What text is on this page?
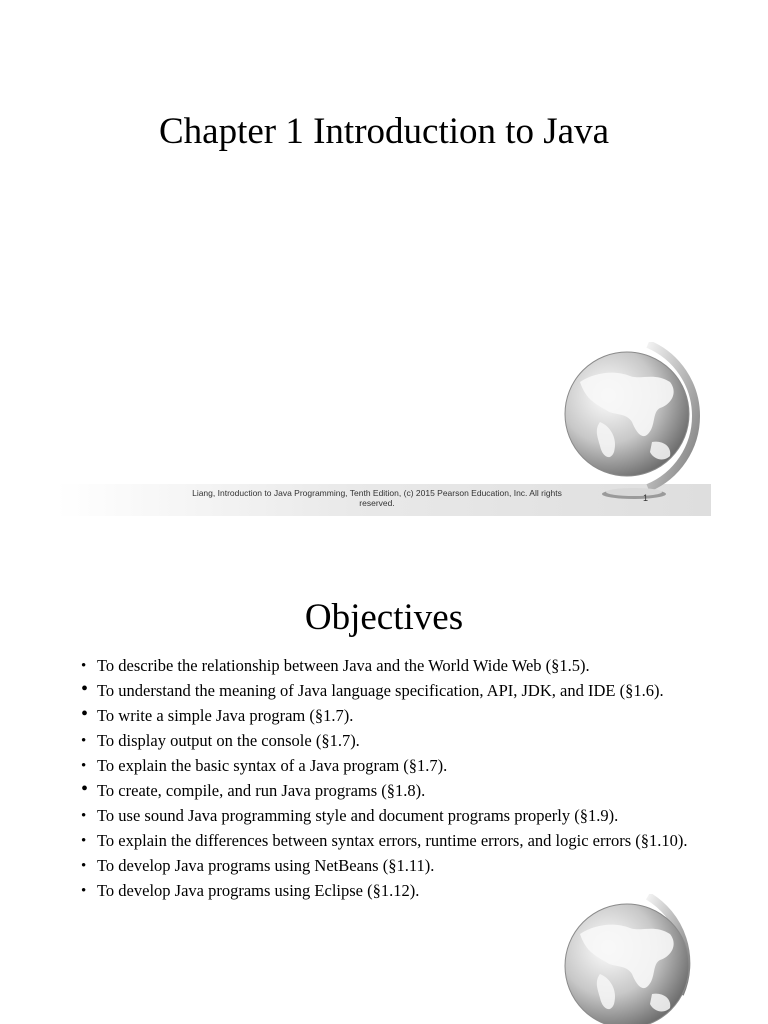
Chapter 1 Introduction to Java
Liang, Introduction to Java Programming, Tenth Edition, (c) 2015 Pearson Education, Inc. All rights reserved.	1
Objectives
• To describe the relationship between Java and the World Wide Web (§1.5).
• To understand the meaning of Java language specification, API, JDK, and IDE (§1.6).
• To write a simple Java program (§1.7).
• To display output on the console (§1.7).
• To explain the basic syntax of a Java program (§1.7).
• To create, compile, and run Java programs (§1.8).
• To use sound Java programming style and document programs properly (§1.9).
• To explain the differences between syntax errors, runtime errors, and logic errors (§1.10).
• To develop Java programs using NetBeans (§1.11).
• To develop Java programs using Eclipse (§1.12).
